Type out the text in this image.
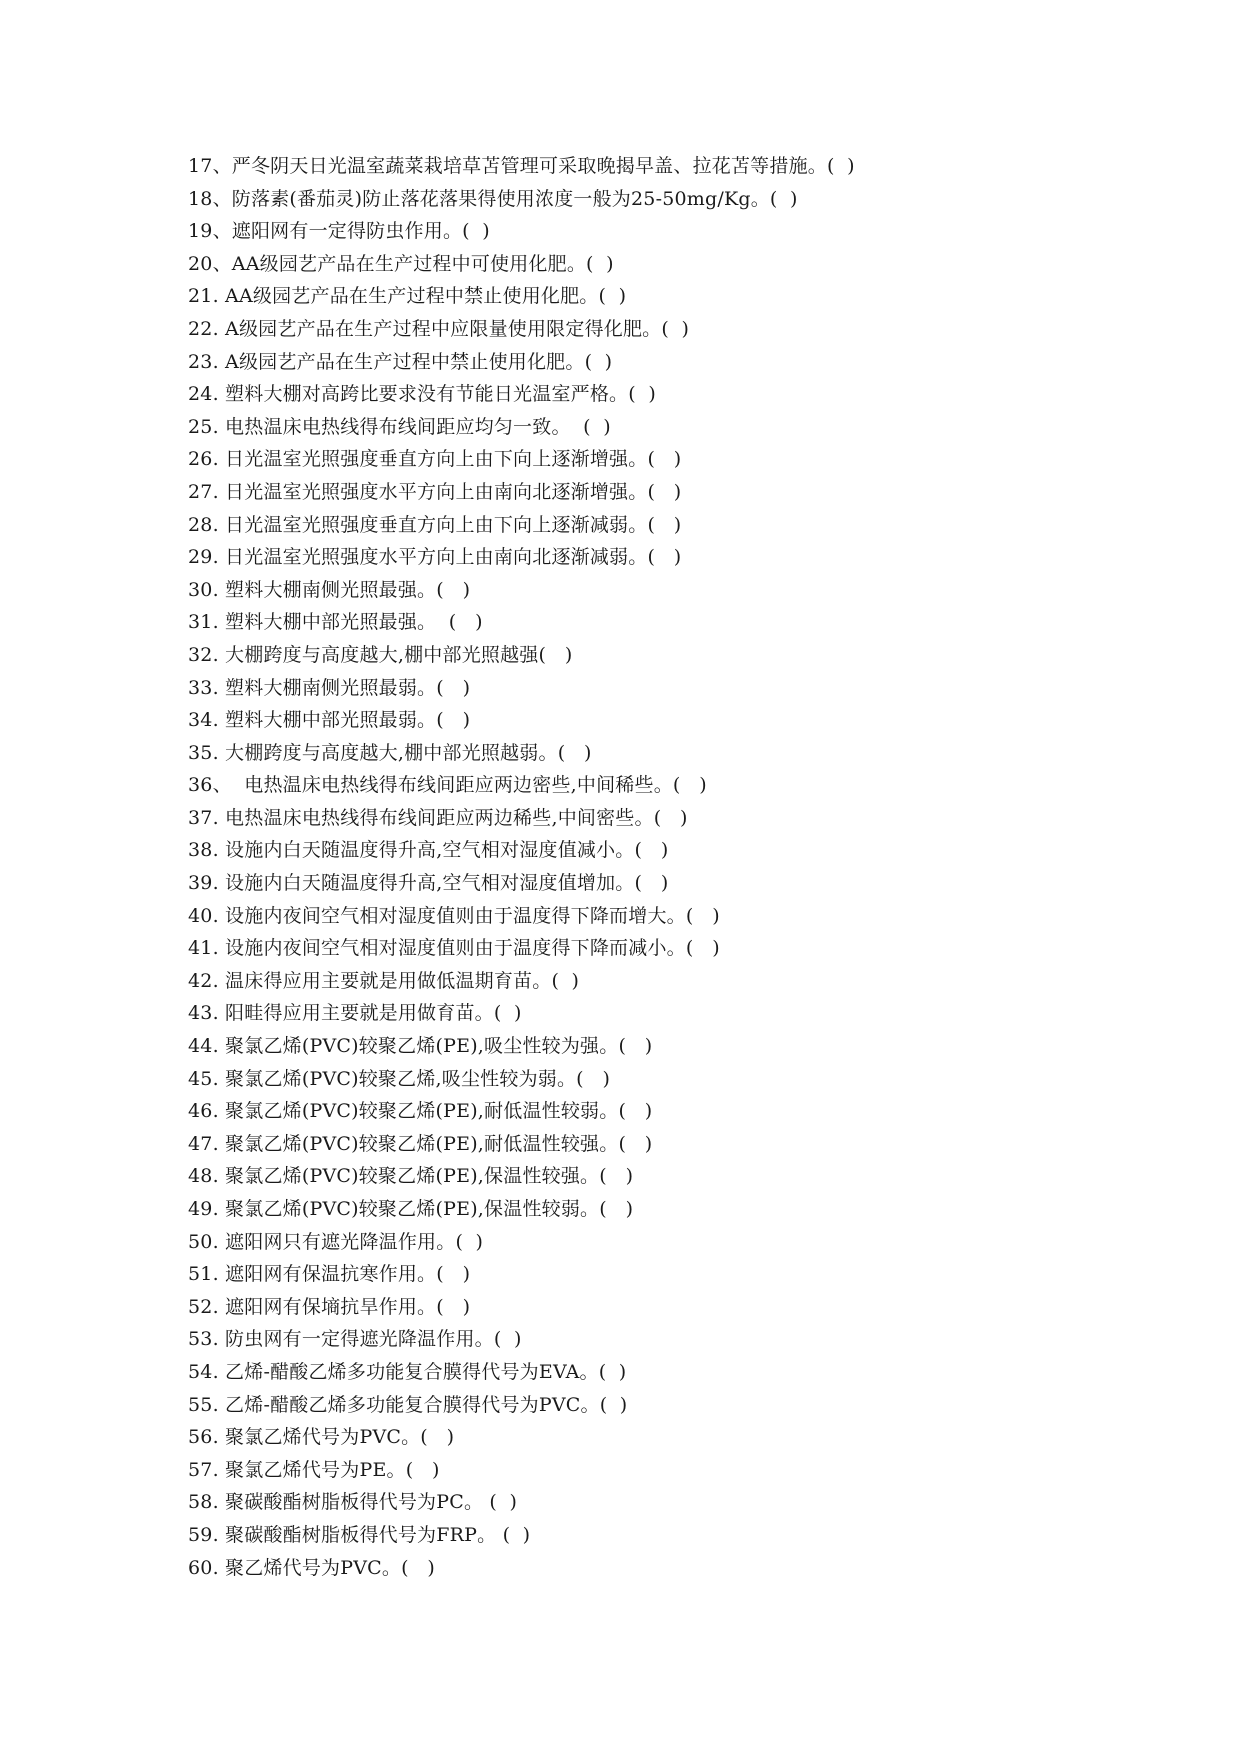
17、严冬阴天日光温室蔬菜栽培草苫管理可采取晚揭早盖、拉花苫等措施。(  )
18、防落素(番茄灵)防止落花落果得使用浓度一般为25-50mg/Kg。(  )
19、遮阳网有一定得防虫作用。(  )
20、AA级园艺产品在生产过程中可使用化肥。(  )
21. AA级园艺产品在生产过程中禁止使用化肥。(  )
22. A级园艺产品在生产过程中应限量使用限定得化肥。(  )
23. A级园艺产品在生产过程中禁止使用化肥。(  )
24. 塑料大棚对高跨比要求没有节能日光温室严格。(  )
25. 电热温床电热线得布线间距应均匀一致。  (  )
26. 日光温室光照强度垂直方向上由下向上逐渐增强。(   )
27. 日光温室光照强度水平方向上由南向北逐渐增强。(   )
28. 日光温室光照强度垂直方向上由下向上逐渐减弱。(   )
29. 日光温室光照强度水平方向上由南向北逐渐减弱。(   )
30. 塑料大棚南侧光照最强。(   )
31. 塑料大棚中部光照最强。  (   )
32. 大棚跨度与高度越大,棚中部光照越强(   )
33. 塑料大棚南侧光照最弱。(   )
34. 塑料大棚中部光照最弱。(   )
35. 大棚跨度与高度越大,棚中部光照越弱。(   )
36、  电热温床电热线得布线间距应两边密些,中间稀些。(   )
37. 电热温床电热线得布线间距应两边稀些,中间密些。(   )
38. 设施内白天随温度得升高,空气相对湿度值减小。(   )
39. 设施内白天随温度得升高,空气相对湿度值增加。(   )
40. 设施内夜间空气相对湿度值则由于温度得下降而增大。(   )
41. 设施内夜间空气相对湿度值则由于温度得下降而减小。(   )
42. 温床得应用主要就是用做低温期育苗。(  )
43. 阳畦得应用主要就是用做育苗。(  )
44. 聚氯乙烯(PVC)较聚乙烯(PE),吸尘性较为强。(   )
45. 聚氯乙烯(PVC)较聚乙烯,吸尘性较为弱。(   )
46. 聚氯乙烯(PVC)较聚乙烯(PE),耐低温性较弱。(   )
47. 聚氯乙烯(PVC)较聚乙烯(PE),耐低温性较强。(   )
48. 聚氯乙烯(PVC)较聚乙烯(PE),保温性较强。(   )
49. 聚氯乙烯(PVC)较聚乙烯(PE),保温性较弱。(   )
50. 遮阳网只有遮光降温作用。(  )
51. 遮阳网有保温抗寒作用。(   )
52. 遮阳网有保墒抗旱作用。(   )
53. 防虫网有一定得遮光降温作用。(  )
54. 乙烯-醋酸乙烯多功能复合膜得代号为EVA。(  )
55. 乙烯-醋酸乙烯多功能复合膜得代号为PVC。(  )
56. 聚氯乙烯代号为PVC。(   )
57. 聚氯乙烯代号为PE。(   )
58. 聚碳酸酯树脂板得代号为PC。 (  )
59. 聚碳酸酯树脂板得代号为FRP。 (  )
60. 聚乙烯代号为PVC。(   )
